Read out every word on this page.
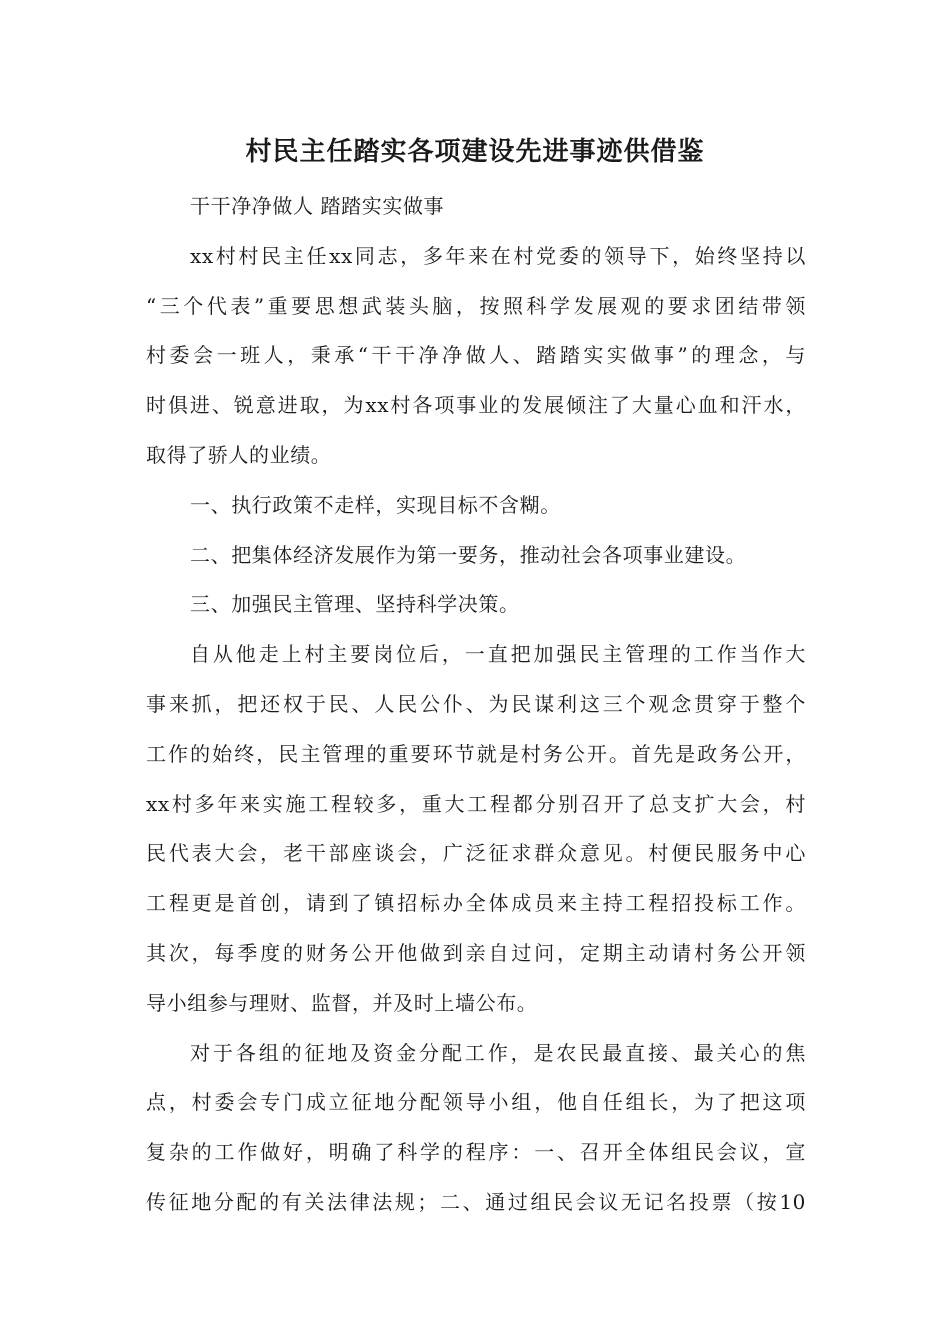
村民主任踏实各项建设先进事迹供借鉴
干干净净做人 踏踏实实做事
xx村村民主任xx同志，多年来在村党委的领导下，始终坚持以
“三个代表”重要思想武装头脑，按照科学发展观的要求团结带领
村委会一班人，秉承“干干净净做人、踏踏实实做事”的理念，与
时俱进、锐意进取，为xx村各项事业的发展倾注了大量心血和汗水，
取得了骄人的业绩。
一、执行政策不走样，实现目标不含糊。
二、把集体经济发展作为第一要务，推动社会各项事业建设。
三、加强民主管理、坚持科学决策。
自从他走上村主要岗位后，一直把加强民主管理的工作当作大
事来抓，把还权于民、人民公仆、为民谋利这三个观念贯穿于整个
工作的始终，民主管理的重要环节就是村务公开。首先是政务公开，
xx村多年来实施工程较多，重大工程都分别召开了总支扩大会，村
民代表大会，老干部座谈会，广泛征求群众意见。村便民服务中心
工程更是首创，请到了镇招标办全体成员来主持工程招投标工作。
其次，每季度的财务公开他做到亲自过问，定期主动请村务公开领
导小组参与理财、监督，并及时上墙公布。
对于各组的征地及资金分配工作，是农民最直接、最关心的焦
点，村委会专门成立征地分配领导小组，他自任组长，为了把这项
复杂的工作做好，明确了科学的程序：一、召开全体组民会议，宣
传征地分配的有关法律法规；二、通过组民会议无记名投票（按10
